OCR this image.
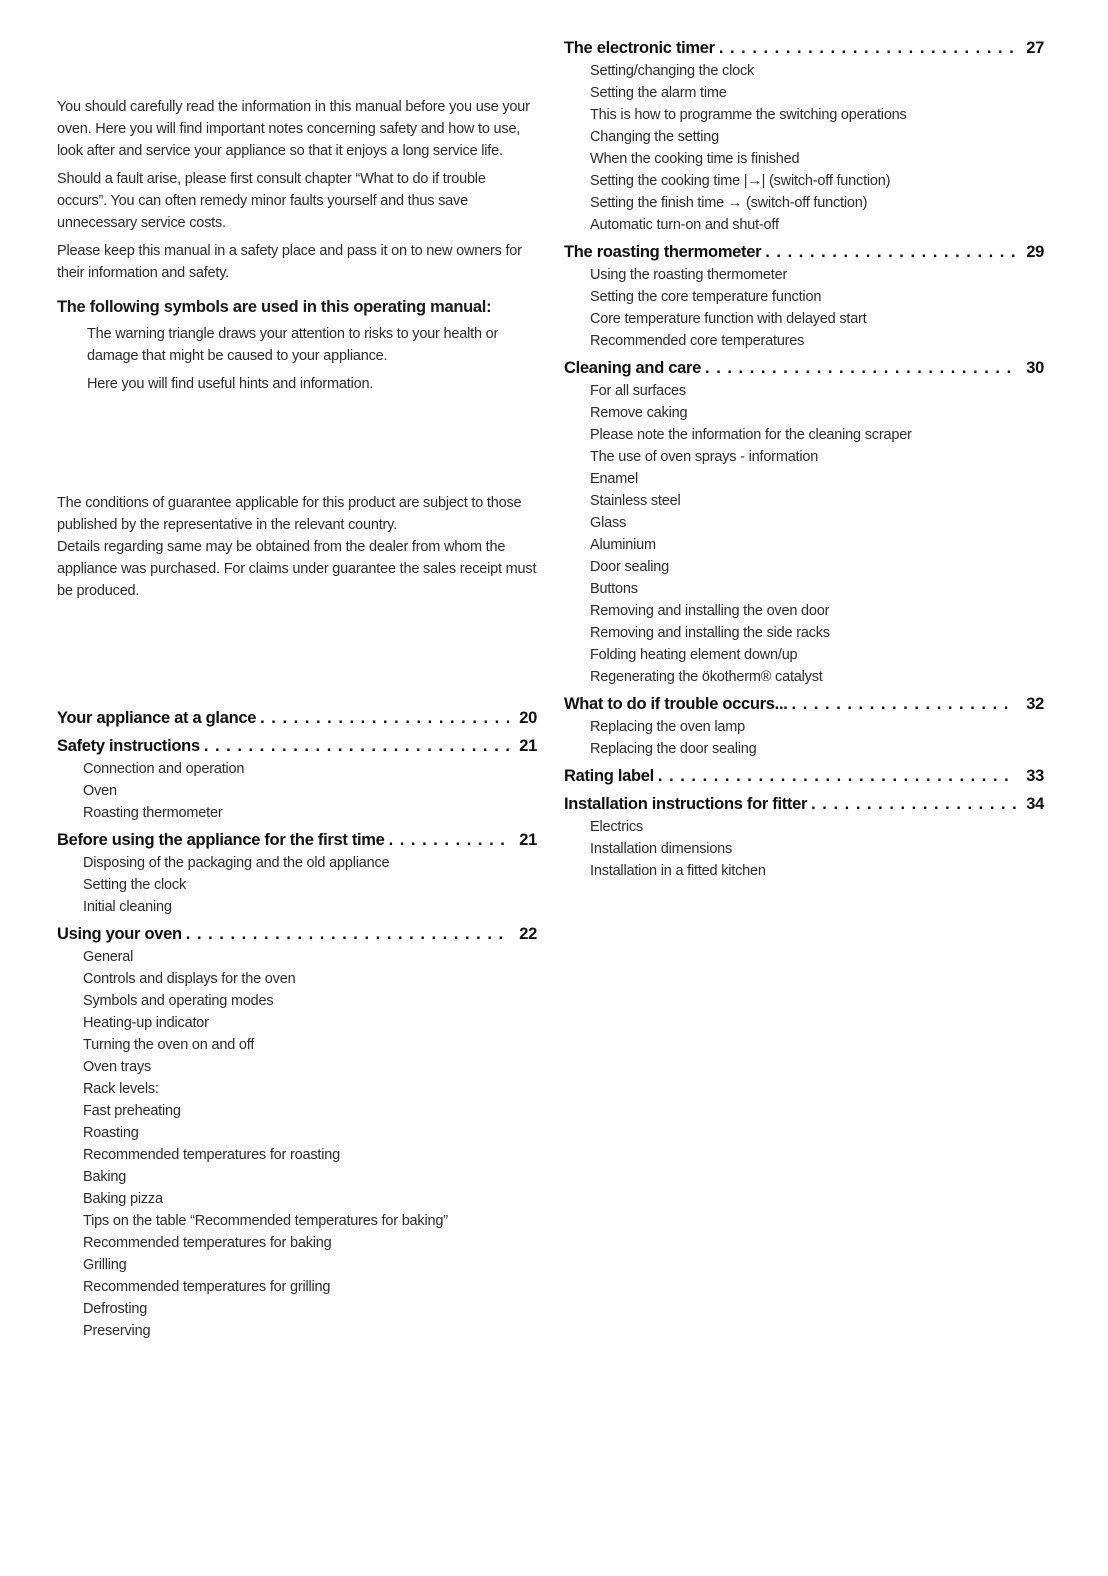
You should carefully read the information in this manual before you use your oven. Here you will find important notes concerning safety and how to use, look after and service your appliance so that it enjoys a long service life.

Should a fault arise, please first consult chapter “What to do if trouble occurs”. You can often remedy minor faults yourself and thus save unnecessary service costs.

Please keep this manual in a safety place and pass it on to new owners for their information and safety.

The following symbols are used in this operating manual:

The warning triangle draws your attention to risks to your health or damage that might be caused to your appliance.

Here you will find useful hints and information.

The conditions of guarantee applicable for this product are subject to those published by the representative in the relevant country.

Details regarding same may be obtained from the dealer from whom the appliance was purchased. For claims under guarantee the sales receipt must be produced.

Your appliance at a glance . . .	20
Safety instructions . . .	21
Connection and operation
Oven
Roasting thermometer
Before using the appliance for the first time . . .	21
Disposing of the packaging and the old appliance
Setting the clock
Initial cleaning
Using your oven . . .	22
General
Controls and displays for the oven
Symbols and operating modes
Heating-up indicator
Turning the oven on and off
Oven trays
Rack levels:
Fast preheating
Roasting
Recommended temperatures for roasting
Baking
Baking pizza
Tips on the table “Recommended temperatures for baking”
Recommended temperatures for baking
Grilling
Recommended temperatures for grilling
Defrosting
Preserving
The electronic timer . . .	27
Setting/changing the clock
Setting the alarm time
This is how to programme the switching operations
Changing the setting
When the cooking time is finished
Setting the cooking time |→| (switch-off function)
Setting the finish time → (switch-off function)
Automatic turn-on and shut-off
The roasting thermometer . . .	29
Using the roasting thermometer
Setting the core temperature function
Core temperature function with delayed start
Recommended core temperatures
Cleaning and care . . .	30
For all surfaces
Remove caking
Please note the information for the cleaning scraper
The use of oven sprays - information
Enamel
Stainless steel
Glass
Aluminium
Door sealing
Buttons
Removing and installing the oven door
Removing and installing the side racks
Folding heating element down/up
Regenerating the ökotherm® catalyst
What to do if trouble occurs... . . .	32
Replacing the oven lamp
Replacing the door sealing
Rating label . . .	33
Installation instructions for fitter . . .	34
Electrics
Installation dimensions
Installation in a fitted kitchen
